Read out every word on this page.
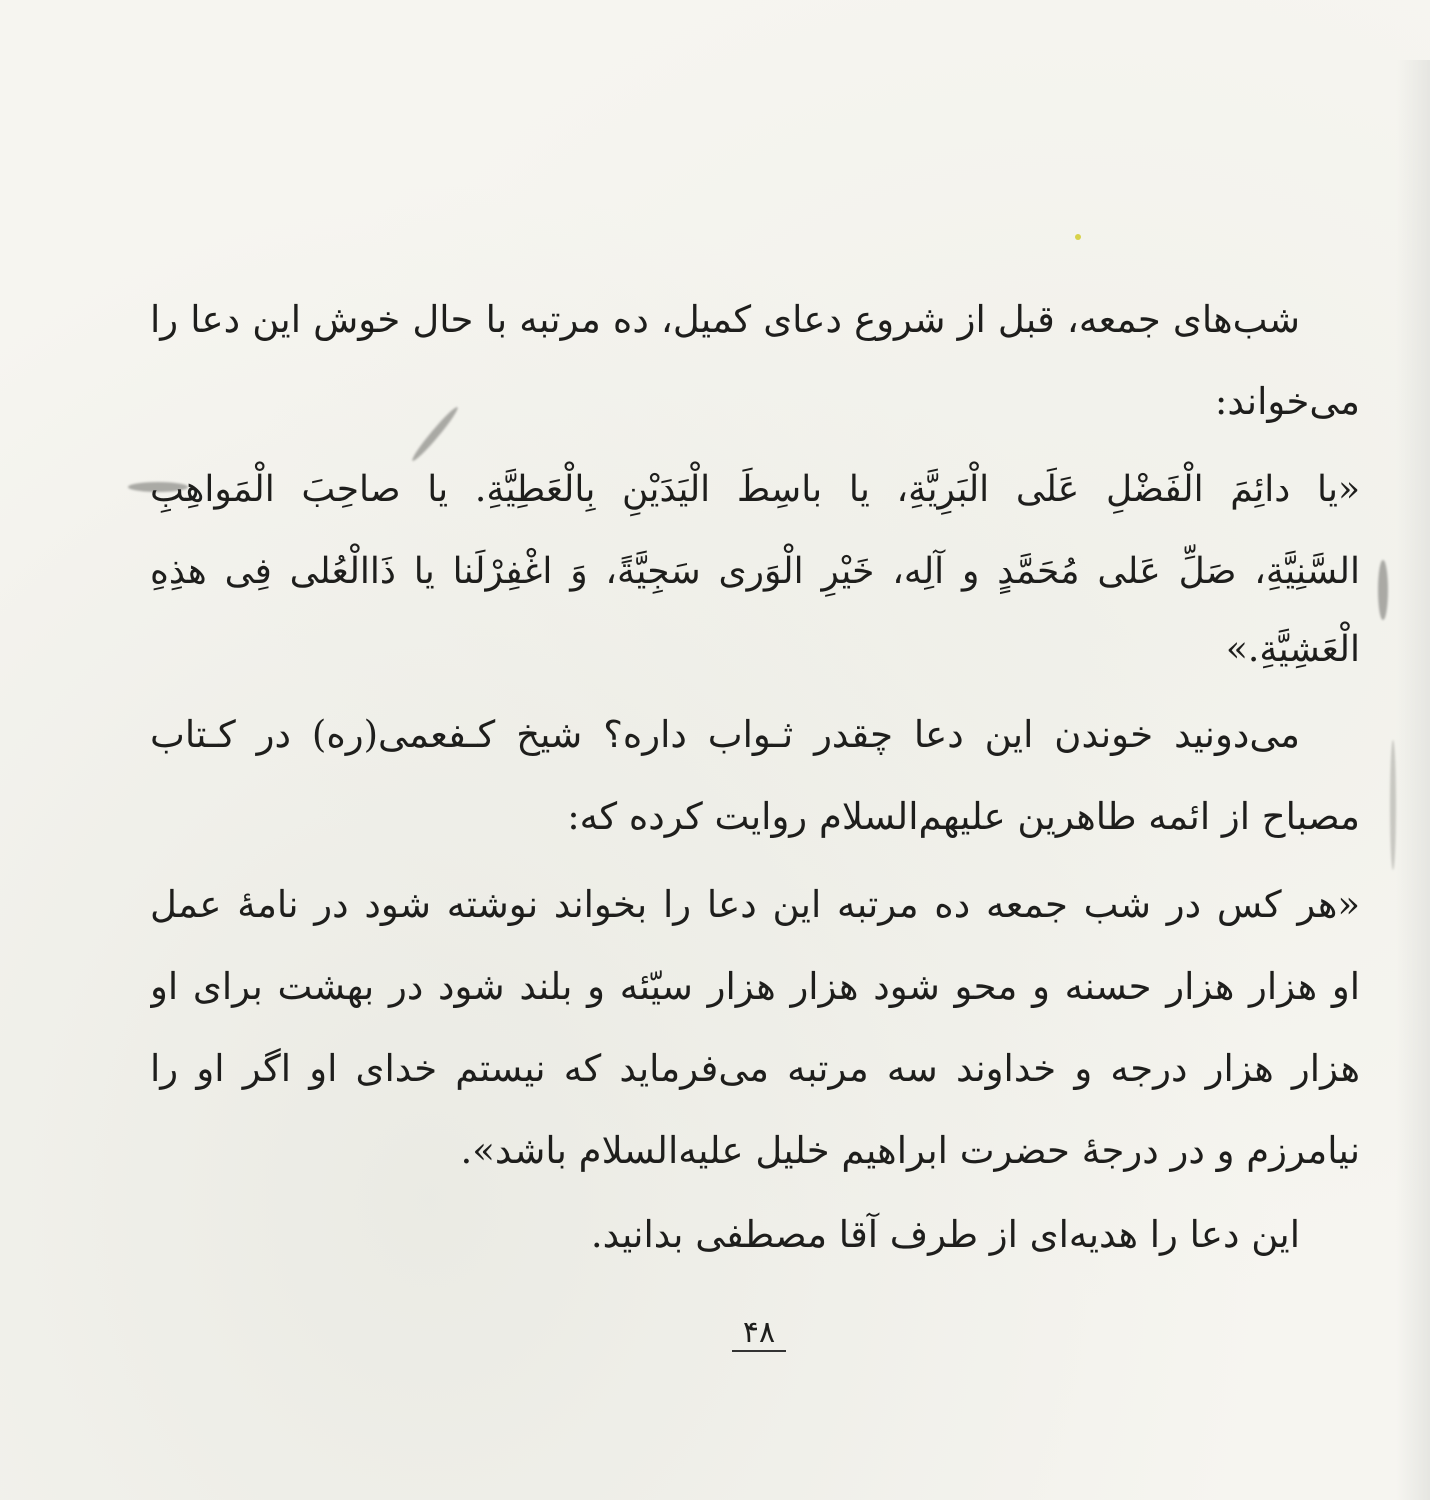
شب‌های جمعه، قبل از شروع دعای کمیل، ده مرتبه با حال خوش این دعا را
می‌خواند:
«یا دائِمَ الْفَضْلِ عَلَی الْبَرِیَّةِ، یا باسِطَ الْیَدَیْنِ بِالْعَطِیَّةِ. یا صاحِبَ الْمَواهِبِ
السَّنِیَّةِ، صَلِّ عَلی مُحَمَّدٍ و آلِه، خَیْرِ الْوَری سَجِیَّةً، وَ اغْفِرْلَنا یا ذَاالْعُلی فِی هذِهِ
الْعَشِیَّةِ.»
می‌دونید خوندن این دعا چقدر ثـواب داره؟ شیخ کـفعمی(ره) در کـتاب
مصباح از ائمه طاهرین علیهم‌السلام روایت کرده که:
«هر کس در شب جمعه ده مرتبه این دعا را بخواند نوشته شود در نامهٔ عمل
او هزار هزار حسنه و محو شود هزار هزار سیّئه و بلند شود در بهشت برای او
هزار هزار درجه و خداوند سه مرتبه می‌فرماید که نیستم خدای او اگر او را
نیامرزم و در درجهٔ حضرت ابراهیم خلیل علیه‌السلام باشد».
این دعا را هدیه‌ای از طرف آقا مصطفی بدانید.
۴۸
